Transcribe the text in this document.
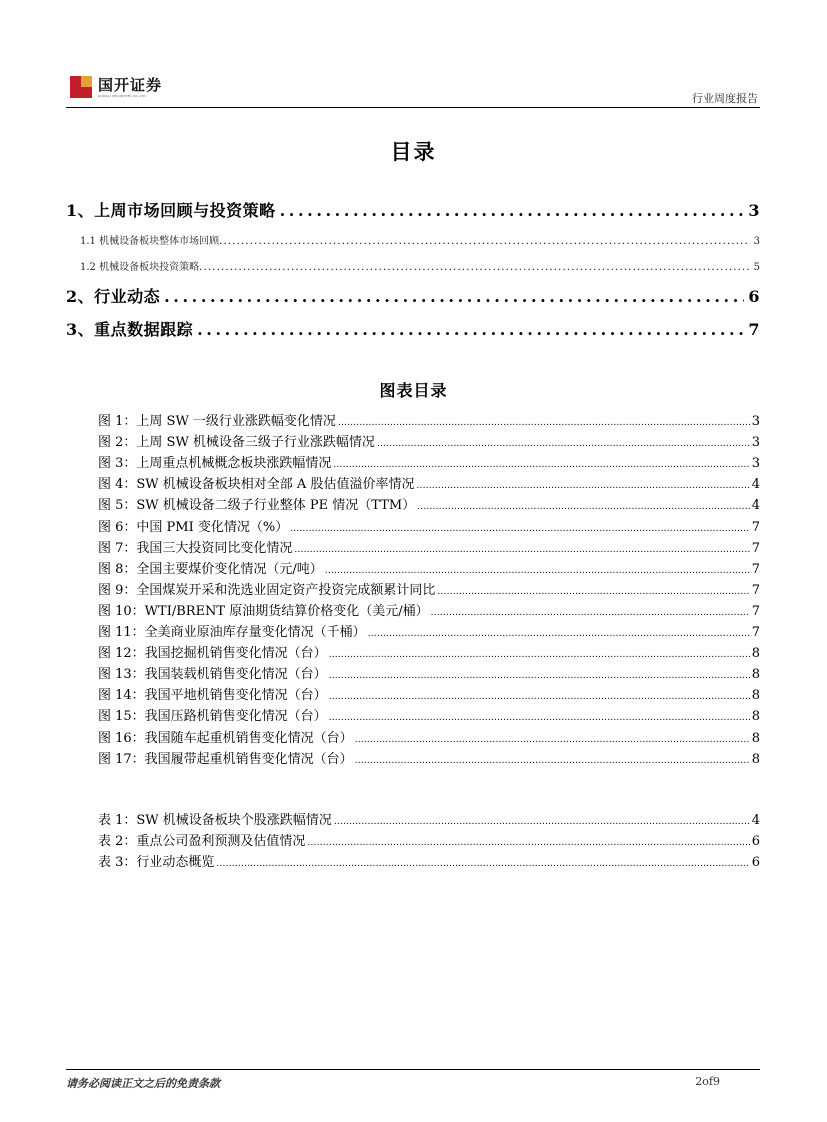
国开证券
GUOKAI SECURITIES CO.,LTD	行业周度报告
目录
1、上周市场回顾与投资策略 .....	3
1.1 机械设备板块整体市场回顾 .....	3
1.2 机械设备板块投资策略 .....	5
2、行业动态 .....	6
3、重点数据跟踪 .....	7
图表目录
图 1：上周 SW 一级行业涨跌幅变化情况 .....	3
图 2：上周 SW 机械设备三级子行业涨跌幅情况 .....	3
图 3：上周重点机械概念板块涨跌幅情况 .....	3
图 4：SW 机械设备板块相对全部 A 股估值溢价率情况 .....	4
图 5：SW 机械设备二级子行业整体 PE 情况（TTM） .....	4
图 6：中国 PMI 变化情况（%） .....	7
图 7：我国三大投资同比变化情况 .....	7
图 8：全国主要煤价变化情况（元/吨） .....	7
图 9：全国煤炭开采和洗选业固定资产投资完成额累计同比 .....	7
图 10：WTI/BRENT 原油期货结算价格变化（美元/桶） .....	7
图 11：全美商业原油库存量变化情况（千桶） .....	7
图 12：我国挖掘机销售变化情况（台） .....	8
图 13：我国装载机销售变化情况（台） .....	8
图 14：我国平地机销售变化情况（台） .....	8
图 15：我国压路机销售变化情况（台） .....	8
图 16：我国随车起重机销售变化情况（台） .....	8
图 17：我国履带起重机销售变化情况（台） .....	8
表 1：SW 机械设备板块个股涨跌幅情况 .....	4
表 2：重点公司盈利预测及估值情况 .....	6
表 3：行业动态概览 .....	6
请务必阅读正文之后的免责条款	2of9
